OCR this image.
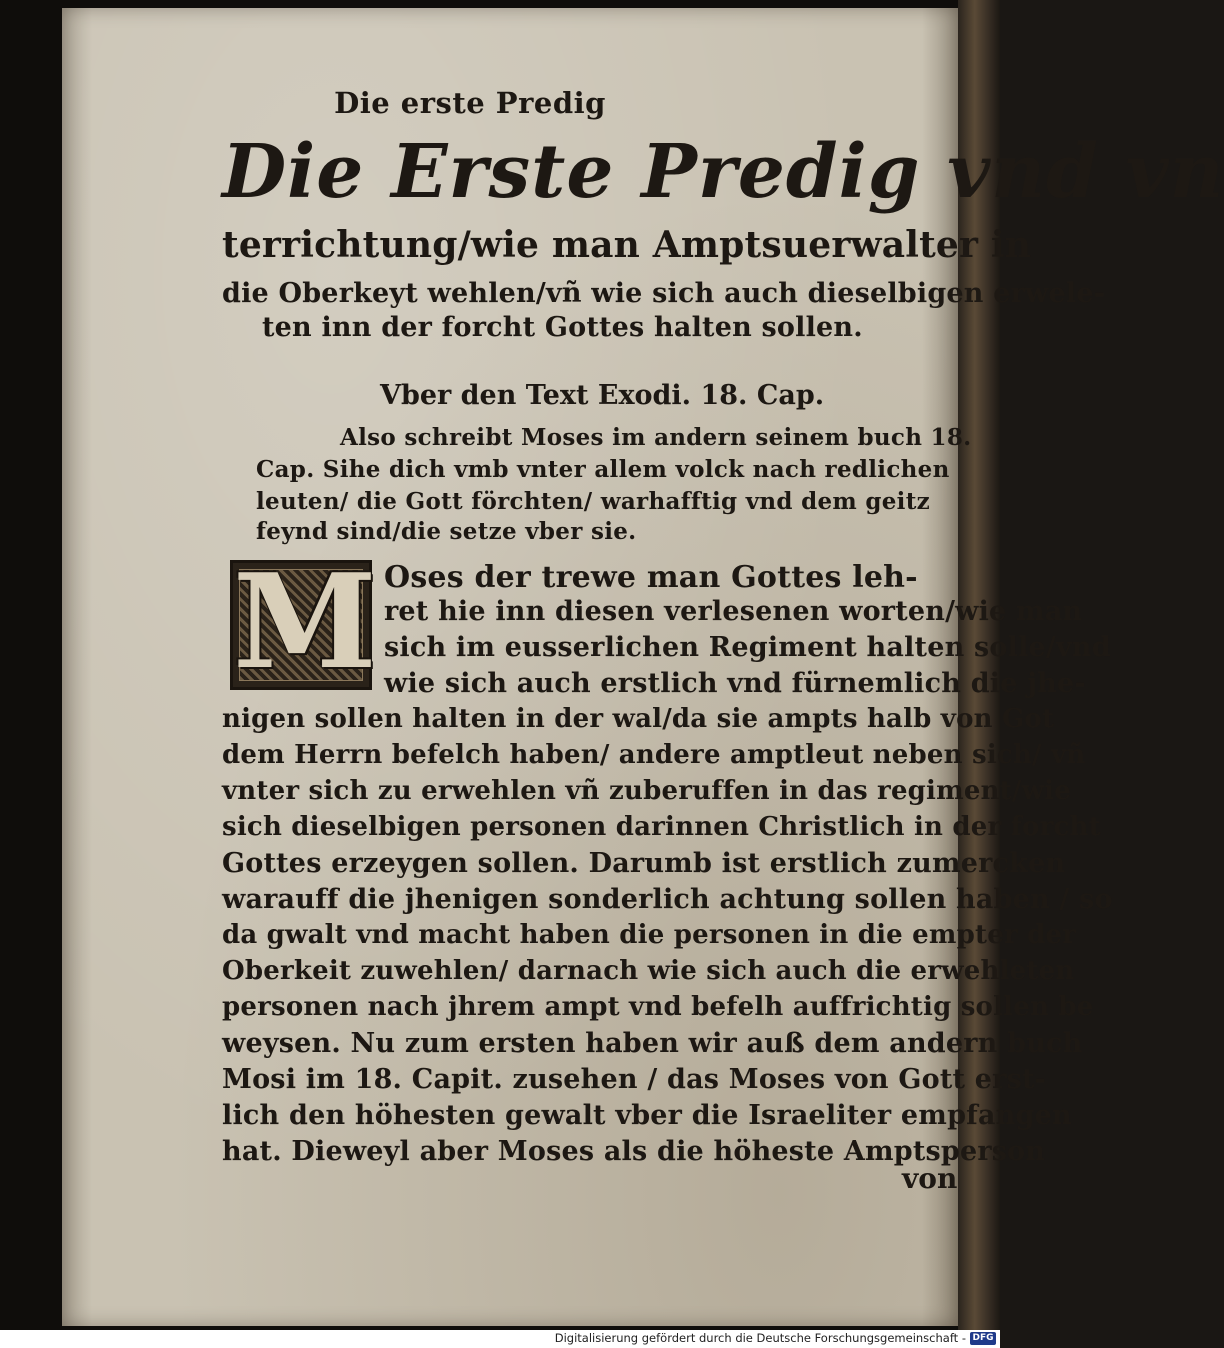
Die erste Predig
Die Erste Predig vnd vn
terrichtung/wie man Amptsuerwalter in
die Oberkeyt wehlen/vñ wie sich auch dieselbigen erwele-
ten inn der forcht Gottes halten sollen.
Vber den Text Exodi. 18. Cap.
Also schreibt Moses im andern seinem buch 18.
Cap. Sihe dich vmb vnter allem volck nach redlichen
leuten/ die Gott förchten/ warhafftig vnd dem geitz
feynd sind/die setze vber sie.
M Oses der trewe man Gottes leh-
ret hie inn diesen verlesenen worten/wie man
sich im eusserlichen Regiment halten solle/vnd
wie sich auch erstlich vnd fürnemlich die jhe-
nigen sollen halten in der wal/da sie ampts halb von Got
dem Herrn befelch haben/ andere amptleut neben sich/ vñ
vnter sich zu erwehlen vñ zuberuffen in das regiment/wie
sich dieselbigen personen darinnen Christlich in der forcht
Gottes erzeygen sollen. Darumb ist erstlich zumercken
warauff die jhenigen sonderlich achtung sollen haben / so
da gwalt vnd macht haben die personen in die empter der
Oberkeit zuwehlen/ darnach wie sich auch die erwehleten
personen nach jhrem ampt vnd befelh auffrichtig sollen be
weysen. Nu zum ersten haben wir auß dem andern buch
Mosi im 18. Capit. zusehen / das Moses von Gott erst-
lich den höhesten gewalt vber die Israeliter empfangen
hat. Dieweyl aber Moses als die höheste Amptsperson
von
Digitalisierung gefördert durch die Deutsche Forschungsgemeinschaft - DFG
